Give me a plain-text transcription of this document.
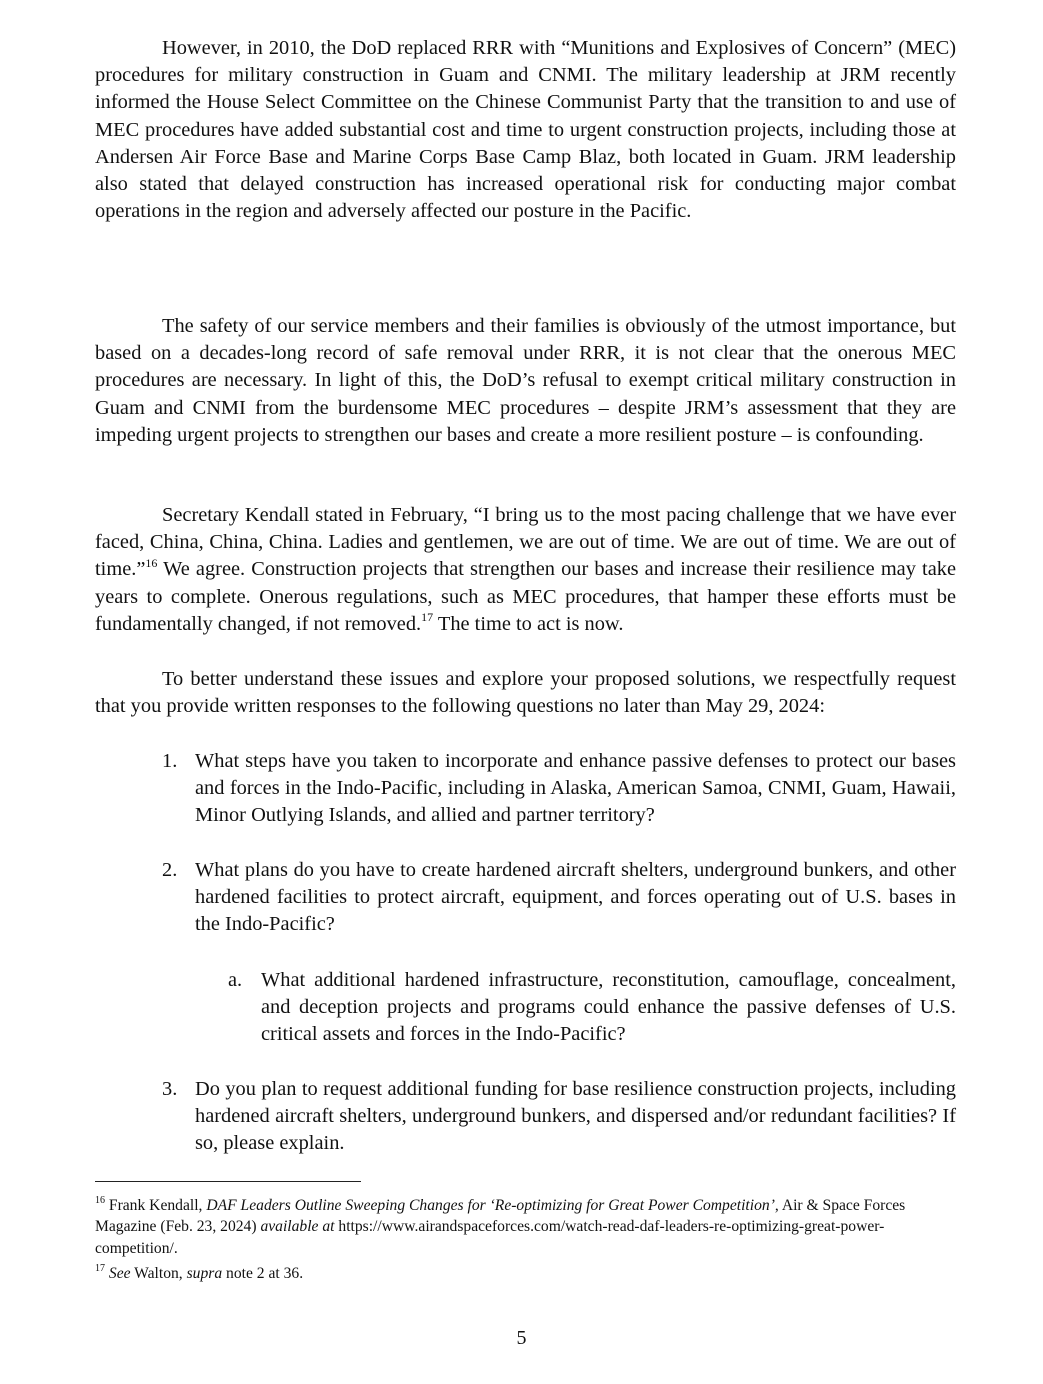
However, in 2010, the DoD replaced RRR with “Munitions and Explosives of Concern” (MEC) procedures for military construction in Guam and CNMI. The military leadership at JRM recently informed the House Select Committee on the Chinese Communist Party that the transition to and use of MEC procedures have added substantial cost and time to urgent construction projects, including those at Andersen Air Force Base and Marine Corps Base Camp Blaz, both located in Guam. JRM leadership also stated that delayed construction has increased operational risk for conducting major combat operations in the region and adversely affected our posture in the Pacific.

The safety of our service members and their families is obviously of the utmost importance, but based on a decades-long record of safe removal under RRR, it is not clear that the onerous MEC procedures are necessary. In light of this, the DoD’s refusal to exempt critical military construction in Guam and CNMI from the burdensome MEC procedures – despite JRM’s assessment that they are impeding urgent projects to strengthen our bases and create a more resilient posture – is confounding.

Secretary Kendall stated in February, “I bring us to the most pacing challenge that we have ever faced, China, China, China. Ladies and gentlemen, we are out of time. We are out of time. We are out of time.”$^{16}$ We agree. Construction projects that strengthen our bases and increase their resilience may take years to complete. Onerous regulations, such as MEC procedures, that hamper these efforts must be fundamentally changed, if not removed.$^{17}$ The time to act is now.

To better understand these issues and explore your proposed solutions, we respectfully request that you provide written responses to the following questions no later than May 29, 2024:

1. What steps have you taken to incorporate and enhance passive defenses to protect our bases and forces in the Indo-Pacific, including in Alaska, American Samoa, CNMI, Guam, Hawaii, Minor Outlying Islands, and allied and partner territory?

2. What plans do you have to create hardened aircraft shelters, underground bunkers, and other hardened facilities to protect aircraft, equipment, and forces operating out of U.S. bases in the Indo-Pacific?

a. What additional hardened infrastructure, reconstitution, camouflage, concealment, and deception projects and programs could enhance the passive defenses of U.S. critical assets and forces in the Indo-Pacific?

3. Do you plan to request additional funding for base resilience construction projects, including hardened aircraft shelters, underground bunkers, and dispersed and/or redundant facilities? If so, please explain.

$^{16}$ Frank Kendall, DAF Leaders Outline Sweeping Changes for ‘Re-optimizing for Great Power Competition’, Air & Space Forces Magazine (Feb. 23, 2024) available at https://www.airandspaceforces.com/watch-read-daf-leaders-re-optimizing-great-power-competition/.

$^{17}$ See Walton, supra note 2 at 36.

5
